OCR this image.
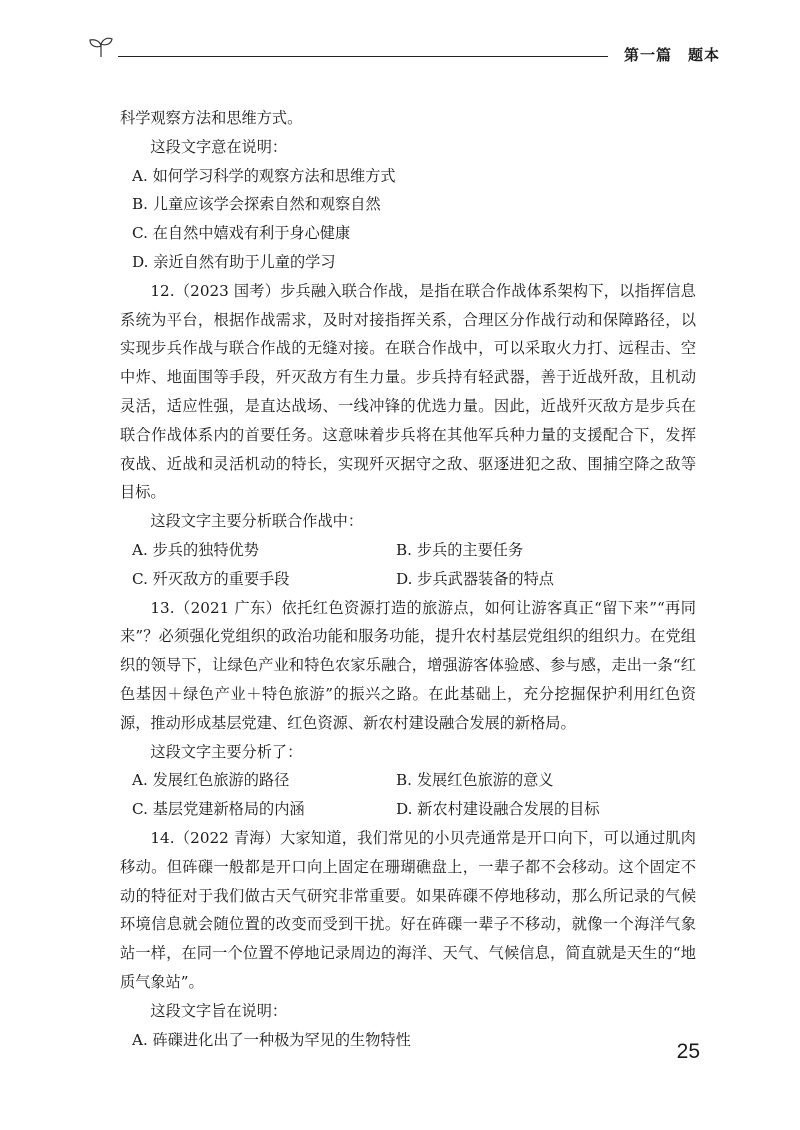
第一篇　题本

科学观察方法和思维方式。

这段文字意在说明：

A. 如何学习科学的观察方法和思维方式

B. 儿童应该学会探索自然和观察自然

C. 在自然中嬉戏有利于身心健康

D. 亲近自然有助于儿童的学习

12.（2023 国考）步兵融入联合作战，是指在联合作战体系架构下，以指挥信息系统为平台，根据作战需求，及时对接指挥关系，合理区分作战行动和保障路径，以实现步兵作战与联合作战的无缝对接。在联合作战中，可以采取火力打、远程击、空中炸、地面围等手段，歼灭敌方有生力量。步兵持有轻武器，善于近战歼敌，且机动灵活，适应性强，是直达战场、一线冲锋的优选力量。因此，近战歼灭敌方是步兵在联合作战体系内的首要任务。这意味着步兵将在其他军兵种力量的支援配合下，发挥夜战、近战和灵活机动的特长，实现歼灭据守之敌、驱逐进犯之敌、围捕空降之敌等目标。

这段文字主要分析联合作战中：

A. 步兵的独特优势	B. 步兵的主要任务
C. 歼灭敌方的重要手段	D. 步兵武器装备的特点

13.（2021 广东）依托红色资源打造的旅游点，如何让游客真正“留下来”“再同来”？必须强化党组织的政治功能和服务功能，提升农村基层党组织的组织力。在党组织的领导下，让绿色产业和特色农家乐融合，增强游客体验感、参与感，走出一条“红色基因＋绿色产业＋特色旅游”的振兴之路。在此基础上，充分挖掘保护利用红色资源，推动形成基层党建、红色资源、新农村建设融合发展的新格局。

这段文字主要分析了：

A. 发展红色旅游的路径	B. 发展红色旅游的意义
C. 基层党建新格局的内涵	D. 新农村建设融合发展的目标

14.（2022 青海）大家知道，我们常见的小贝壳通常是开口向下，可以通过肌肉移动。但砗磲一般都是开口向上固定在珊瑚礁盘上，一辈子都不会移动。这个固定不动的特征对于我们做古天气研究非常重要。如果砗磲不停地移动，那么所记录的气候环境信息就会随位置的改变而受到干扰。好在砗磲一辈子不移动，就像一个海洋气象站一样，在同一个位置不停地记录周边的海洋、天气、气候信息，简直就是天生的“地质气象站”。

这段文字旨在说明：

A. 砗磲进化出了一种极为罕见的生物特性

25
